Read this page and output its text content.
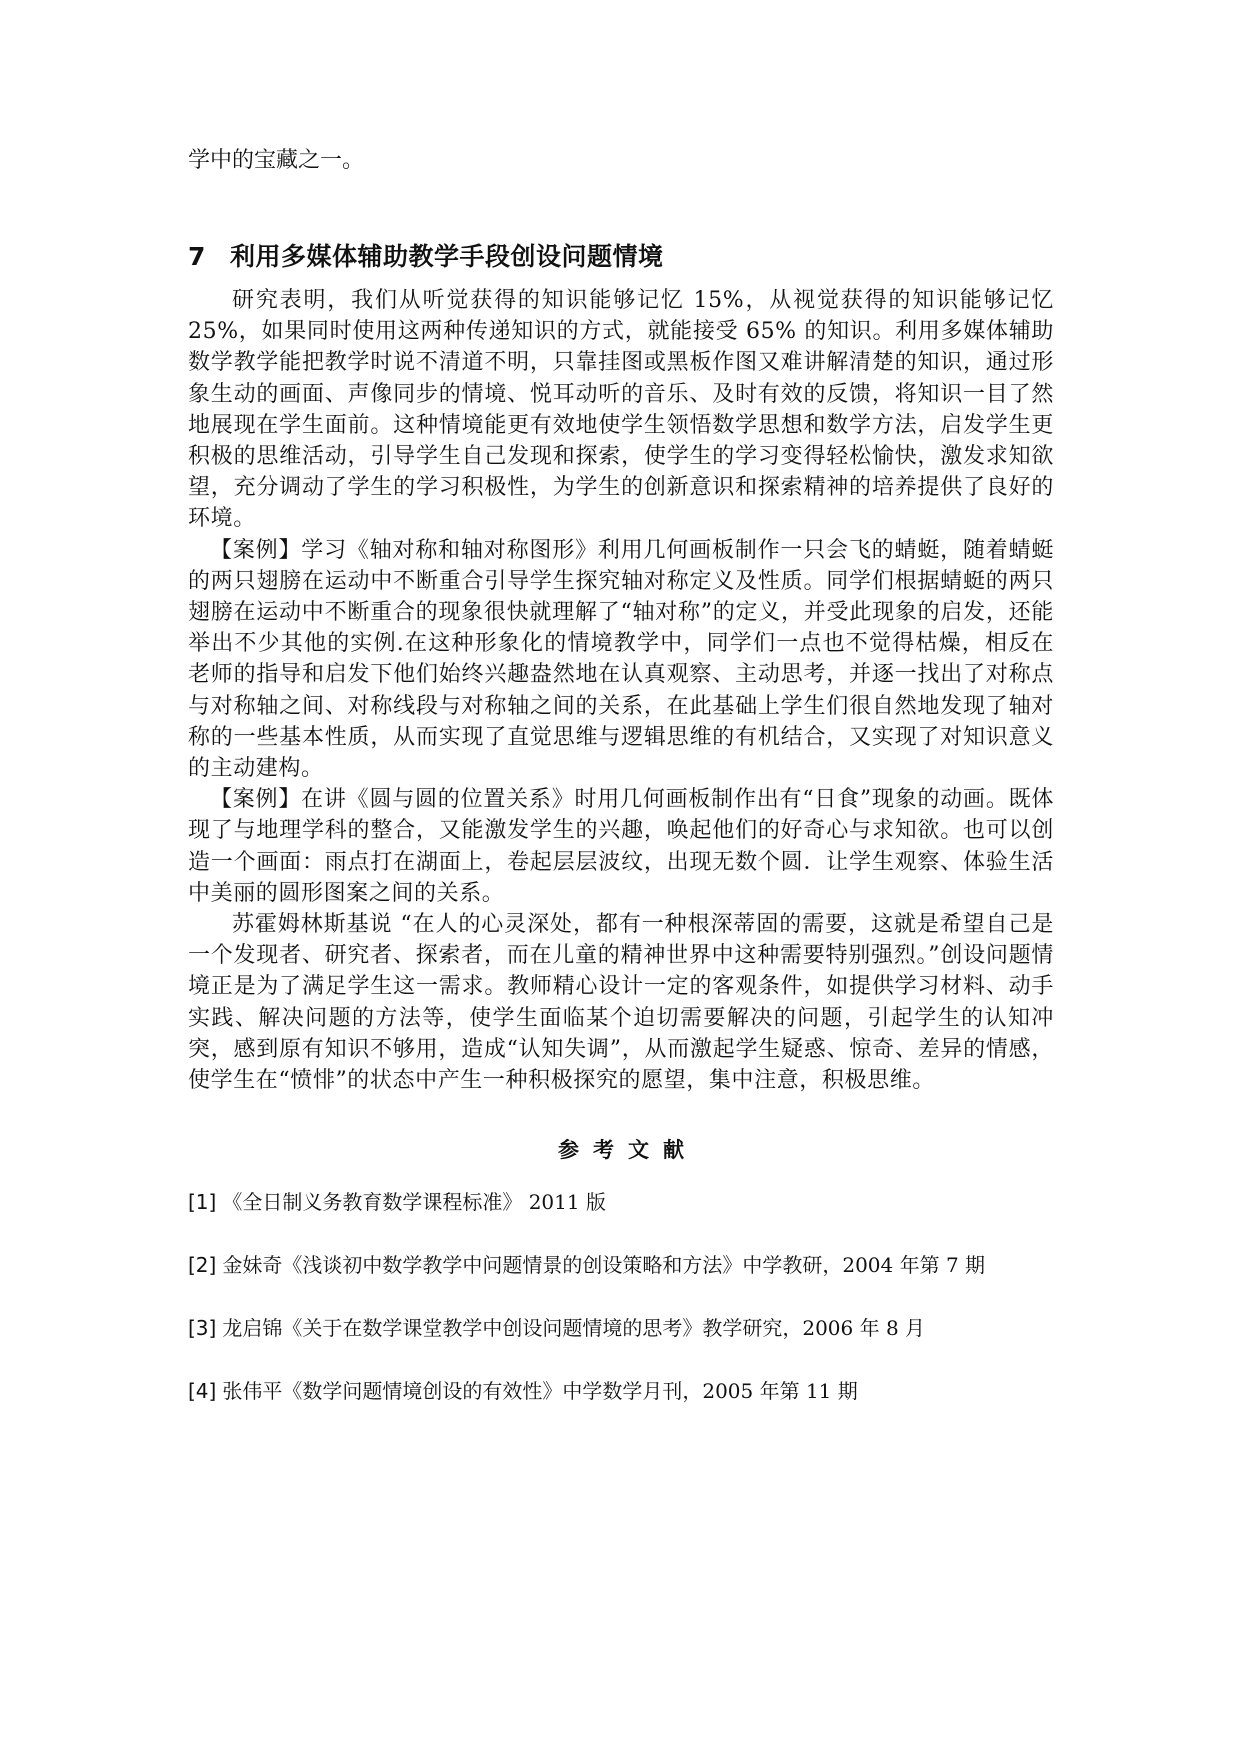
学中的宝藏之一。

7 利用多媒体辅助教学手段创设问题情境

研究表明，我们从听觉获得的知识能够记忆 15%，从视觉获得的知识能够记忆 25%，如果同时使用这两种传递知识的方式，就能接受 65% 的知识。利用多媒体辅助数学教学能把教学时说不清道不明，只靠挂图或黑板作图又难讲解清楚的知识，通过形象生动的画面、声像同步的情境、悦耳动听的音乐、及时有效的反馈，将知识一目了然地展现在学生面前。这种情境能更有效地使学生领悟数学思想和数学方法，启发学生更积极的思维活动，引导学生自己发现和探索，使学生的学习变得轻松愉快，激发求知欲望，充分调动了学生的学习积极性，为学生的创新意识和探索精神的培养提供了良好的环境。

【案例】学习《轴对称和轴对称图形》利用几何画板制作一只会飞的蜻蜓，随着蜻蜓的两只翅膀在运动中不断重合引导学生探究轴对称定义及性质。同学们根据蜻蜓的两只翅膀在运动中不断重合的现象很快就理解了“轴对称”的定义，并受此现象的启发，还能举出不少其他的实例.在这种形象化的情境教学中，同学们一点也不觉得枯燥，相反在老师的指导和启发下他们始终兴趣盎然地在认真观察、主动思考，并逐一找出了对称点与对称轴之间、对称线段与对称轴之间的关系，在此基础上学生们很自然地发现了轴对称的一些基本性质，从而实现了直觉思维与逻辑思维的有机结合，又实现了对知识意义的主动建构。

【案例】在讲《圆与圆的位置关系》时用几何画板制作出有“日食”现象的动画。既体现了与地理学科的整合，又能激发学生的兴趣，唤起他们的好奇心与求知欲。也可以创造一个画面：雨点打在湖面上，卷起层层波纹，出现无数个圆．让学生观察、体验生活中美丽的圆形图案之间的关系。

苏霍姆林斯基说 “在人的心灵深处，都有一种根深蒂固的需要，这就是希望自己是一个发现者、研究者、探索者，而在儿童的精神世界中这种需要特别强烈。”创设问题情境正是为了满足学生这一需求。教师精心设计一定的客观条件，如提供学习材料、动手实践、解决问题的方法等，使学生面临某个迫切需要解决的问题，引起学生的认知冲突，感到原有知识不够用，造成“认知失调”，从而激起学生疑惑、惊奇、差异的情感，使学生在“愤悱”的状态中产生一种积极探究的愿望，集中注意，积极思维。

参考文献
[1] 《全日制义务教育数学课程标准》 2011 版
[2] 金妹奇《浅谈初中数学教学中问题情景的创设策略和方法》中学教研，2004 年第 7 期
[3] 龙启锦《关于在数学课堂教学中创设问题情境的思考》教学研究，2006 年 8 月
[4] 张伟平《数学问题情境创设的有效性》中学数学月刊，2005 年第 11 期
